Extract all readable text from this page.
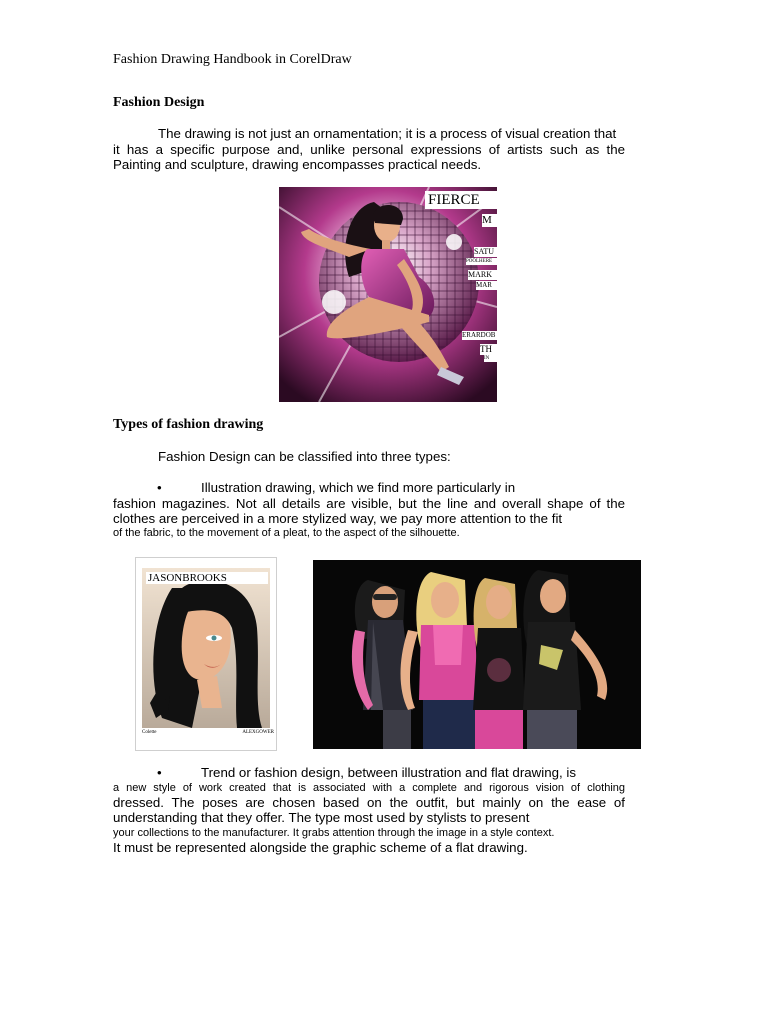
Fashion Drawing Handbook in CorelDraw
Fashion Design
The drawing is not just an ornamentation; it is a process of visual creation that
it has a specific purpose and, unlike personal expressions of artists such as the
Painting and sculpture, drawing encompasses practical needs.
FIERCE
M
SATU
POOLHERE
MARK
MAR
ERARDOB
TH
IN
Types of fashion drawing
Fashion Design can be classified into three types:
•	Illustration drawing, which we find more particularly in
fashion magazines. Not all details are visible, but the line and overall shape of the
clothes are perceived in a more stylized way, we pay more attention to the fit
of the fabric, to the movement of a pleat, to the aspect of the silhouette.
JASONBROOKS
Colette	ALEXGOWER
•	Trend or fashion design, between illustration and flat drawing, is
a new style of work created that is associated with a complete and rigorous vision of clothing
dressed. The poses are chosen based on the outfit, but mainly on the ease of
understanding that they offer. The type most used by stylists to present
your collections to the manufacturer. It grabs attention through the image in a style context.
It must be represented alongside the graphic scheme of a flat drawing.
